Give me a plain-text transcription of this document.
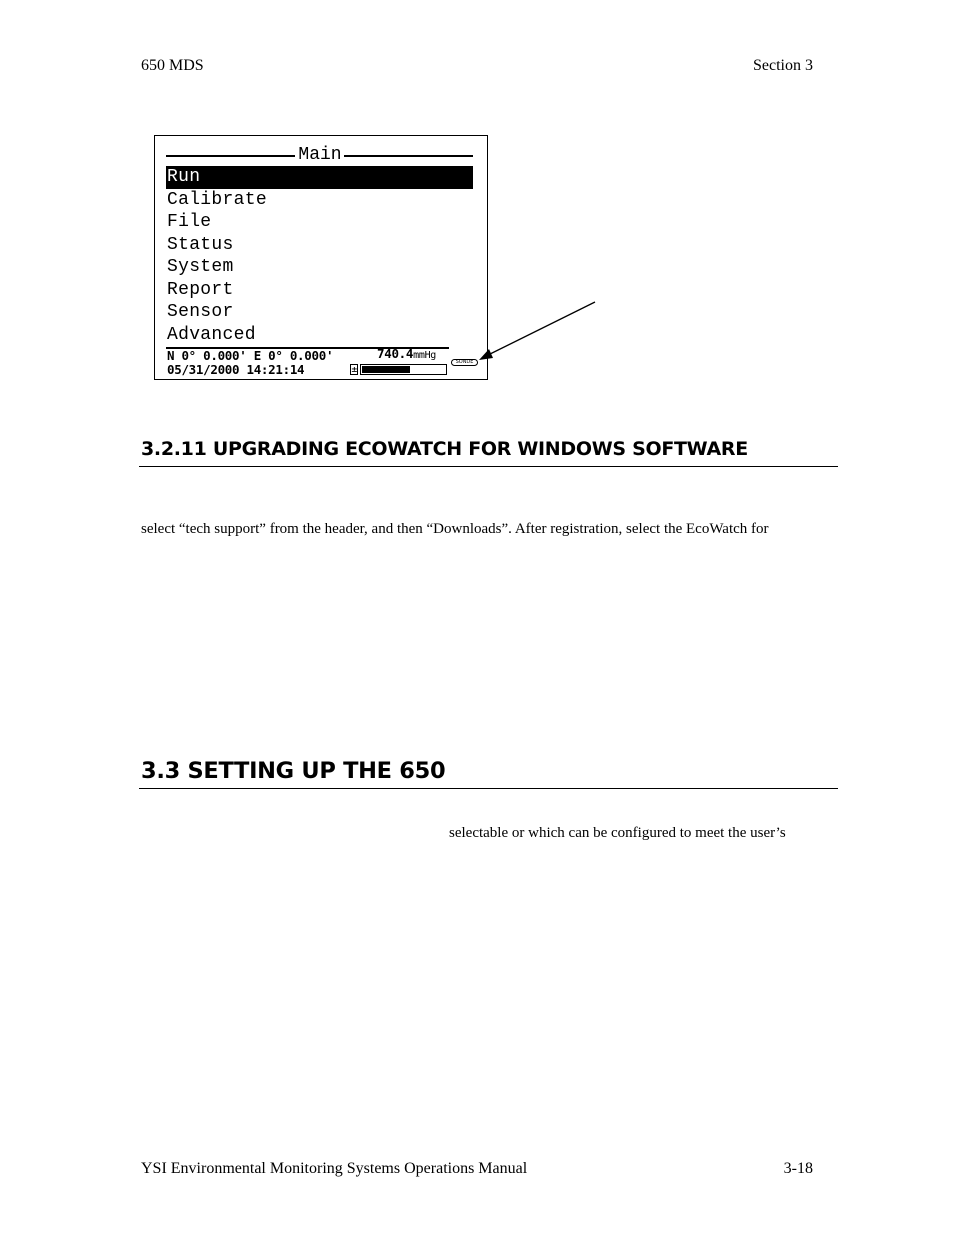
650 MDS	Section 3
Main
Run
Calibrate
File
Status
System
Report
Sensor
Advanced
N 0° 0.000' E 0° 0.000'
05/31/2000 14:21:14
740.4mmHg
±
SONDE
3.2.11 UPGRADING ECOWATCH FOR WINDOWS SOFTWARE
select “tech support” from the header, and then “Downloads”. After registration, select the EcoWatch for
3.3 SETTING UP THE 650
selectable or which can be configured to meet the user’s
YSI Environmental Monitoring Systems Operations Manual	3-18
